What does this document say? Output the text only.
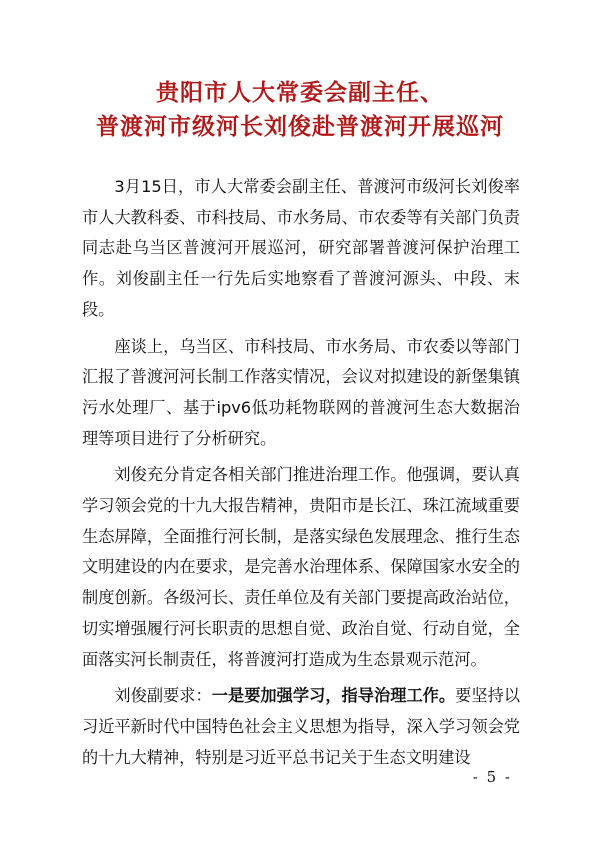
贵阳市人大常委会副主任、
普渡河市级河长刘俊赴普渡河开展巡河

3月15日，市人大常委会副主任、普渡河市级河长刘俊率市人大教科委、市科技局、市水务局、市农委等有关部门负责同志赴乌当区普渡河开展巡河，研究部署普渡河保护治理工作。刘俊副主任一行先后实地察看了普渡河源头、中段、末段。

座谈上，乌当区、市科技局、市水务局、市农委以等部门汇报了普渡河河长制工作落实情况，会议对拟建设的新堡集镇污水处理厂、基于ipv6低功耗物联网的普渡河生态大数据治理等项目进行了分析研究。

刘俊充分肯定各相关部门推进治理工作。他强调，要认真学习领会党的十九大报告精神，贵阳市是长江、珠江流域重要生态屏障，全面推行河长制，是落实绿色发展理念、推行生态文明建设的内在要求，是完善水治理体系、保障国家水安全的制度创新。各级河长、责任单位及有关部门要提高政治站位，切实增强履行河长职责的思想自觉、政治自觉、行动自觉，全面落实河长制责任，将普渡河打造成为生态景观示范河。

刘俊副要求：一是要加强学习，指导治理工作。要坚持以习近平新时代中国特色社会主义思想为指导，深入学习领会党的十九大精神，特别是习近平总书记关于生态文明建设

- 5 -
